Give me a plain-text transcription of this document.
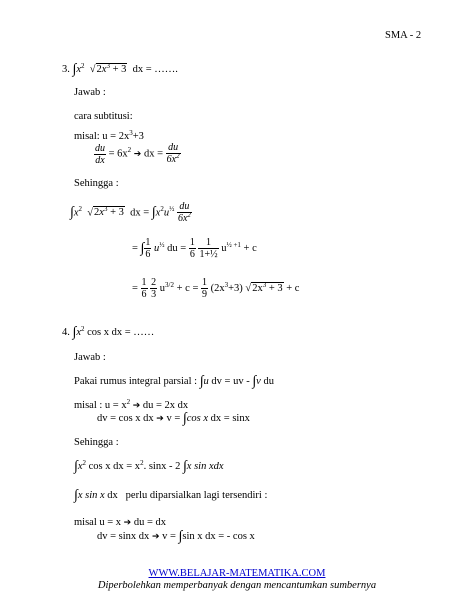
SMA - 2
3. $\int x^2$  $√2x^3 + 3$  dx = …….
Jawab :
cara subtitusi:
misal: $u = 2x^3+3$
$\frac{du}{dx} = 6x^2$ ➔ dx = $\frac{du}{6x^2}$
Sehingga :
$\int x^2$  $√2x^3 + 3$  dx = $\int x^2u^{\frac{1}{2}} \frac{du}{6x^2}$
= ∫ $\frac{1}{6} u^{\frac{1}{2}}$ du = $\frac{1}{6}$
$\frac{1}{\text{1+½}} u^{\frac{1}{2} +1} + c$
= $\frac{1}{6}$
$\frac{2}{3} u^{3/2} + c = \frac{1}{9} (2x^3+3) √2x^3 + 3 + c$
4. $\int x^2$ cos x dx = ……
Jawab :
Pakai rumus integral parsial : ∫u dv = uv - ∫v du
misal : $u = x^2$ ➔ du = 2x dx
dv = cos x dx ➔ v = ∫cos x dx = sinx
Sehingga :
$\int x^2$ cos x dx = $x^2$. sinx - 2 ∫x sin xdx
∫x sin x dx   perlu diparsialkan lagi tersendiri :
misal u = x ➔ du = dx
dv = sinx dx ➔ v = ∫sin x dx = - cos x
WWW.BELAJAR-MATEMATIKA.COM
Diperbolehkan memperbanyak dengan mencantumkan sumbernya
